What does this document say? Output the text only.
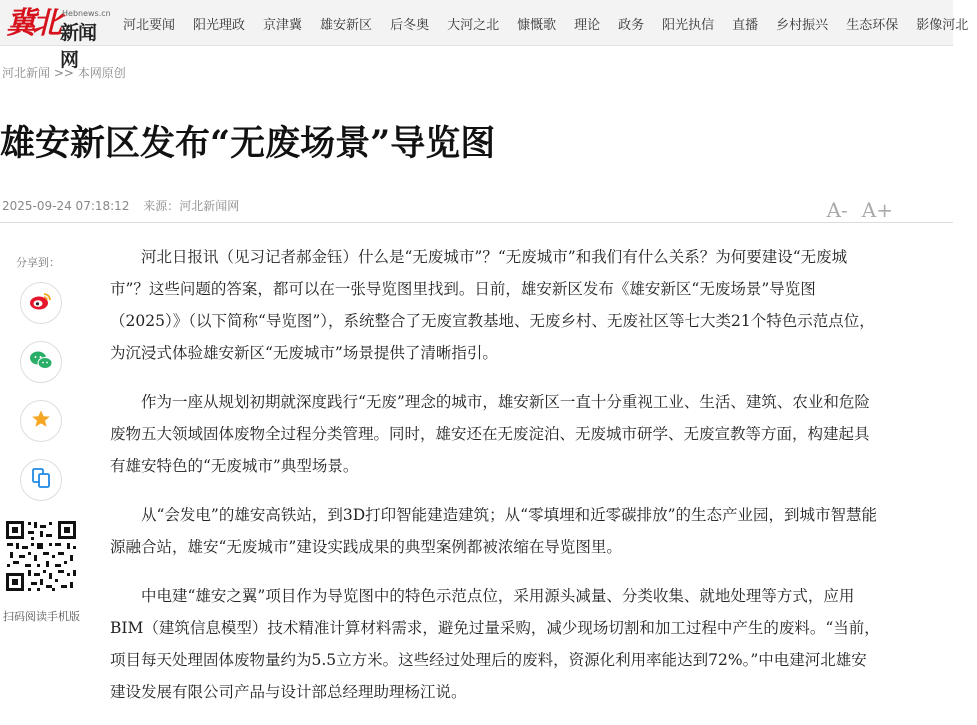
冀北 Hebnews.cn
新闻网
河北要闻	阳光理政	京津冀	雄安新区	后冬奥	大河之北	慷慨歌	理论	政务	阳光执信	直播	乡村振兴	生态环保	影像河北
河北新闻 >> 本网原创
雄安新区发布“无废场景”导览图
2025-09-24 07:18:12 来源：河北新闻网	A- A+
分享到：
扫码阅读手机版

河北日报讯（见习记者郝金钰）什么是“无废城市”？“无废城市”和我们有什么关系？为何要建设“无废城市”？这些问题的答案，都可以在一张导览图里找到。日前，雄安新区发布《雄安新区“无废场景”导览图（2025）》（以下简称“导览图”），系统整合了无废宣教基地、无废乡村、无废社区等七大类21个特色示范点位，为沉浸式体验雄安新区“无废城市”场景提供了清晰指引。

作为一座从规划初期就深度践行“无废”理念的城市，雄安新区一直十分重视工业、生活、建筑、农业和危险废物五大领域固体废物全过程分类管理。同时，雄安还在无废淀泊、无废城市研学、无废宣教等方面，构建起具有雄安特色的“无废城市”典型场景。

从“会发电”的雄安高铁站，到3D打印智能建造建筑；从“零填埋和近零碳排放”的生态产业园，到城市智慧能源融合站，雄安“无废城市”建设实践成果的典型案例都被浓缩在导览图里。

中电建“雄安之翼”项目作为导览图中的特色示范点位，采用源头减量、分类收集、就地处理等方式，应用BIM（建筑信息模型）技术精准计算材料需求，避免过量采购，减少现场切割和加工过程中产生的废料。“当前，项目每天处理固体废物量约为5.5立方米。这些经过处理后的废料，资源化利用率能达到72%。”中电建河北雄安建设发展有限公司产品与设计部总经理助理杨江说。
